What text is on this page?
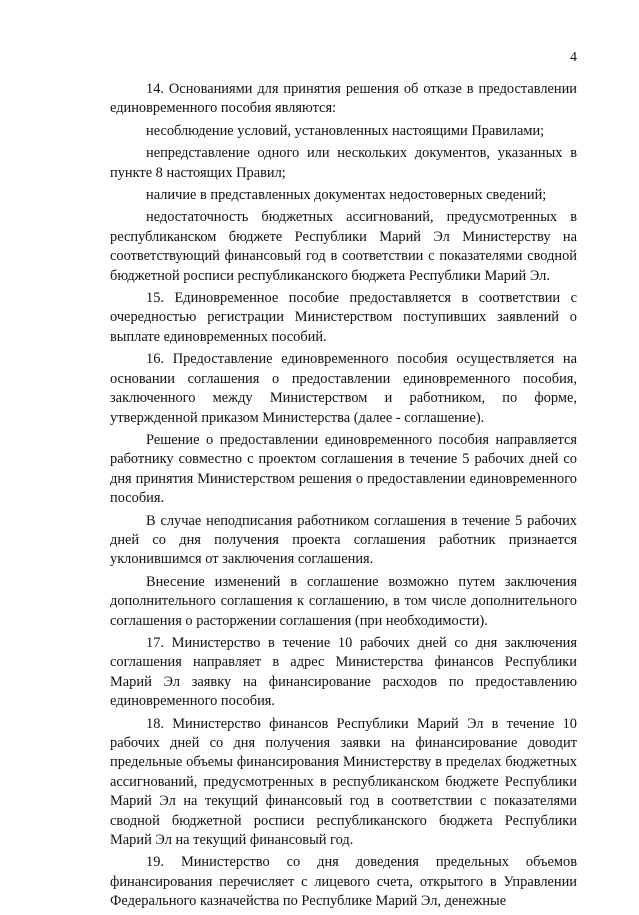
4

14. Основаниями для принятия решения об отказе в предоставлении единовременного пособия являются:

несоблюдение условий, установленных настоящими Правилами;

непредставление одного или нескольких документов, указанных в пункте 8 настоящих Правил;

наличие в представленных документах недостоверных сведений;

недостаточность бюджетных ассигнований, предусмотренных в республиканском бюджете Республики Марий Эл Министерству на соответствующий финансовый год в соответствии с показателями сводной бюджетной росписи республиканского бюджета Республики Марий Эл.

15. Единовременное пособие предоставляется в соответствии с очередностью регистрации Министерством поступивших заявлений о выплате единовременных пособий.

16. Предоставление единовременного пособия осуществляется на основании соглашения о предоставлении единовременного пособия, заключенного между Министерством и работником, по форме, утвержденной приказом Министерства (далее - соглашение).

Решение о предоставлении единовременного пособия направляется работнику совместно с проектом соглашения в течение 5 рабочих дней со дня принятия Министерством решения о предоставлении единовременного пособия.

В случае неподписания работником соглашения в течение 5 рабочих дней со дня получения проекта соглашения работник признается уклонившимся от заключения соглашения.

Внесение изменений в соглашение возможно путем заключения дополнительного соглашения к соглашению, в том числе дополнительного соглашения о расторжении соглашения (при необходимости).

17. Министерство в течение 10 рабочих дней со дня заключения соглашения направляет в адрес Министерства финансов Республики Марий Эл заявку на финансирование расходов по предоставлению единовременного пособия.

18. Министерство финансов Республики Марий Эл в течение 10 рабочих дней со дня получения заявки на финансирование доводит предельные объемы финансирования Министерству в пределах бюджетных ассигнований, предусмотренных в республиканском бюджете Республики Марий Эл на текущий финансовый год в соответствии с показателями сводной бюджетной росписи республиканского бюджета Республики Марий Эл на текущий финансовый год.

19. Министерство со дня доведения предельных объемов финансирования перечисляет с лицевого счета, открытого в Управлении Федерального казначейства по Республике Марий Эл, денежные
